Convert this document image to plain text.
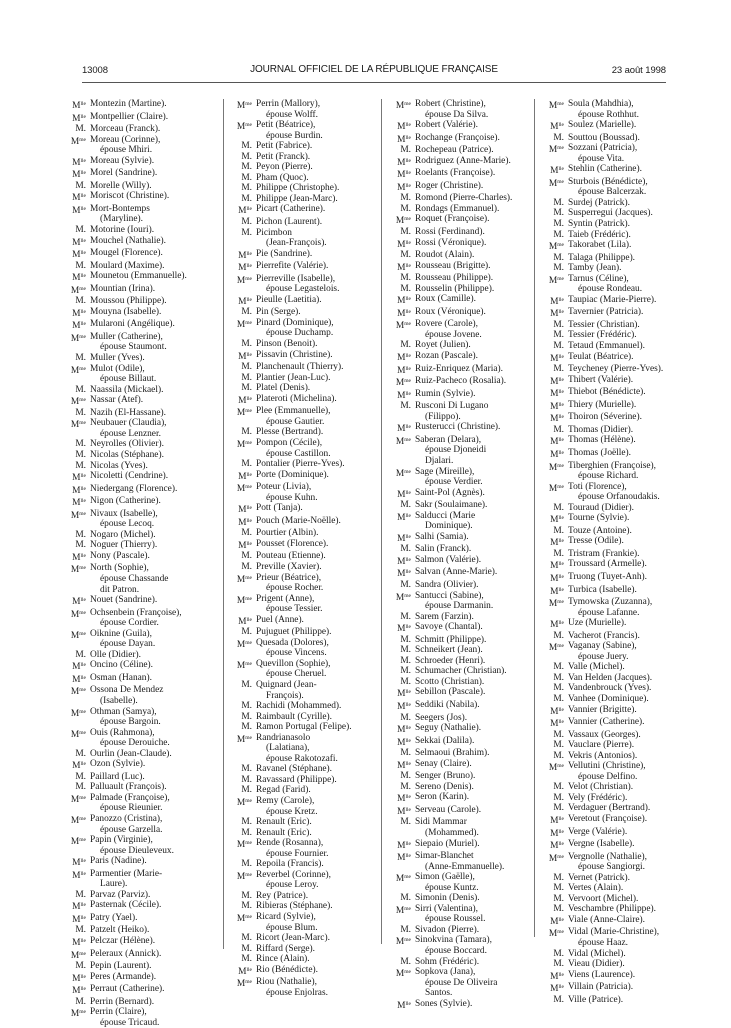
13008	JOURNAL OFFICIEL DE LA RÉPUBLIQUE FRANÇAISE	23 août 1998
$M^{lle}$ Montezin (Martine).
$M^{lle}$ Montpellier (Claire).
M. Morceau (Franck).
$M^{me}$ Moreau (Corinne),
épouse Mhiri.
$M^{lle}$ Moreau (Sylvie).
$M^{lle}$ Morel (Sandrine).
M. Morelle (Willy).
$M^{lle}$ Moriscot (Christine).
$M^{lle}$ Mort-Bontemps
(Maryline).
M. Motorine (Iouri).
$M^{lle}$ Mouchel (Nathalie).
$M^{lle}$ Mougel (Florence).
M. Moulard (Maxime).
$M^{lle}$ Mounetou (Emmanuelle).
$M^{me}$ Mountian (Irina).
M. Moussou (Philippe).
$M^{lle}$ Mouyna (Isabelle).
$M^{lle}$ Mularoni (Angélique).
$M^{me}$ Muller (Catherine),
épouse Staumont.
M. Muller (Yves).
$M^{me}$ Mulot (Odile),
épouse Billaut.
M. Naassila (Mickael).
$M^{me}$ Nassar (Atef).
M. Nazih (El-Hassane).
$M^{me}$ Neubauer (Claudia),
épouse Lenzner.
M. Neyrolles (Olivier).
M. Nicolas (Stéphane).
M. Nicolas (Yves).
$M^{lle}$ Nicoletti (Cendrine).
$M^{lle}$ Niedergang (Florence).
$M^{lle}$ Nigon (Catherine).
$M^{me}$ Nivaux (Isabelle),
épouse Lecoq.
M. Nogaro (Michel).
M. Noguer (Thierry).
$M^{lle}$ Nony (Pascale).
$M^{me}$ North (Sophie),
épouse Chassande
dit Patron.
$M^{lle}$ Nouet (Sandrine).
$M^{me}$ Ochsenbein (Françoise),
épouse Cordier.
$M^{me}$ Oiknine (Guila),
épouse Dayan.
M. Olle (Didier).
$M^{lle}$ Oncino (Céline).
$M^{lle}$ Osman (Hanan).
$M^{me}$ Ossona De Mendez
(Isabelle).
$M^{me}$ Othman (Samya),
épouse Bargoin.
$M^{me}$ Ouis (Rahmona),
épouse Derouiche.
M. Ourlin (Jean-Claude).
$M^{lle}$ Ozon (Sylvie).
M. Paillard (Luc).
M. Palluault (François).
$M^{me}$ Palmade (Françoise),
épouse Rieunier.
$M^{me}$ Panozzo (Cristina),
épouse Garzella.
$M^{me}$ Papin (Virginie),
épouse Dieuleveux.
$M^{lle}$ Paris (Nadine).
$M^{lle}$ Parmentier (Marie-
Laure).
M. Parvaz (Parviz).
$M^{lle}$ Pasternak (Cécile).
$M^{lle}$ Patry (Yael).
M. Patzelt (Heiko).
$M^{lle}$ Pelczar (Hélène).
$M^{me}$ Peleraux (Annick).
M. Pepin (Laurent).
$M^{lle}$ Peres (Armande).
$M^{lle}$ Perraut (Catherine).
M. Perrin (Bernard).
$M^{me}$ Perrin (Claire),
épouse Tricaud.
$M^{me}$ Perrin (Mallory),
épouse Wolff.
$M^{me}$ Petit (Béatrice),
épouse Burdin.
M. Petit (Fabrice).
M. Petit (Franck).
M. Peyon (Pierre).
M. Pham (Quoc).
M. Philippe (Christophe).
M. Philippe (Jean-Marc).
$M^{lle}$ Picart (Catherine).
M. Pichon (Laurent).
M. Picimbon
(Jean-François).
$M^{lle}$ Pie (Sandrine).
$M^{lle}$ Pierrefite (Valérie).
$M^{me}$ Pierreville (Isabelle),
épouse Legastelois.
$M^{lle}$ Pieulle (Laetitia).
M. Pin (Serge).
$M^{me}$ Pinard (Dominique),
épouse Duchamp.
M. Pinson (Benoit).
$M^{lle}$ Pissavin (Christine).
M. Planchenault (Thierry).
M. Plantier (Jean-Luc).
M. Platel (Denis).
$M^{lle}$ Plateroti (Michelina).
$M^{me}$ Plee (Emmanuelle),
épouse Gautier.
M. Plesse (Bertrand).
$M^{me}$ Pompon (Cécile),
épouse Castillon.
M. Pontalier (Pierre-Yves).
$M^{lle}$ Porte (Dominique).
$M^{me}$ Poteur (Livia),
épouse Kuhn.
$M^{lle}$ Pott (Tanja).
$M^{lle}$ Pouch (Marie-Noëlle).
M. Pourtier (Albin).
$M^{lle}$ Pousset (Florence).
M. Pouteau (Etienne).
M. Preville (Xavier).
$M^{me}$ Prieur (Béatrice),
épouse Rocher.
$M^{me}$ Prigent (Anne),
épouse Tessier.
$M^{lle}$ Puel (Anne).
M. Pujuguet (Philippe).
$M^{me}$ Quesada (Dolores),
épouse Vincens.
$M^{me}$ Quevillon (Sophie),
épouse Cheruel.
M. Quignard (Jean-
François).
M. Rachidi (Mohammed).
M. Raimbault (Cyrille).
M. Ramon Portugal (Felipe).
$M^{me}$ Randrianasolo
(Lalatiana),
épouse Rakotozafi.
M. Ravanel (Stéphane).
M. Ravassard (Philippe).
M. Regad (Farid).
$M^{me}$ Remy (Carole),
épouse Kretz.
M. Renault (Eric).
M. Renault (Eric).
$M^{me}$ Rende (Rosanna),
épouse Fournier.
M. Repoila (Francis).
$M^{me}$ Reverbel (Corinne),
épouse Leroy.
M. Rey (Patrice).
M. Ribieras (Stéphane).
$M^{me}$ Ricard (Sylvie),
épouse Blum.
M. Ricort (Jean-Marc).
M. Riffard (Serge).
M. Rince (Alain).
$M^{lle}$ Rio (Bénédicte).
$M^{me}$ Riou (Nathalie),
épouse Enjolras.
$M^{me}$ Robert (Christine),
épouse Da Silva.
$M^{lle}$ Robert (Valérie).
$M^{lle}$ Rochange (Françoise).
M. Rochepeau (Patrice).
$M^{lle}$ Rodriguez (Anne-Marie).
$M^{lle}$ Roelants (Françoise).
$M^{lle}$ Roger (Christine).
M. Romond (Pierre-Charles).
M. Rondags (Emmanuel).
$M^{me}$ Roquet (Françoise).
M. Rossi (Ferdinand).
$M^{lle}$ Rossi (Véronique).
M. Roudot (Alain).
$M^{lle}$ Rousseau (Brigitte).
M. Rousseau (Philippe).
M. Rousselin (Philippe).
$M^{lle}$ Roux (Camille).
$M^{lle}$ Roux (Véronique).
$M^{me}$ Rovere (Carole),
épouse Jovene.
M. Royet (Julien).
$M^{lle}$ Rozan (Pascale).
$M^{lle}$ Ruiz-Enriquez (Maria).
$M^{me}$ Ruiz-Pacheco (Rosalia).
$M^{lle}$ Rumin (Sylvie).
M. Rusconi Di Lugano
(Filippo).
$M^{lle}$ Rusterucci (Christine).
$M^{me}$ Saberan (Delara),
épouse Djoneidi
Djalari.
$M^{me}$ Sage (Mireille),
épouse Verdier.
$M^{lle}$ Saint-Pol (Agnès).
M. Sakr (Soulaimane).
$M^{lle}$ Salducci (Marie
Dominique).
$M^{lle}$ Salhi (Samia).
M. Salin (Franck).
$M^{lle}$ Salmon (Valérie).
$M^{lle}$ Salvan (Anne-Marie).
M. Sandra (Olivier).
$M^{me}$ Santucci (Sabine),
épouse Darmanin.
M. Sarem (Farzin).
$M^{lle}$ Savoye (Chantal).
M. Schmitt (Philippe).
M. Schneikert (Jean).
M. Schroeder (Henri).
M. Schumacher (Christian).
M. Scotto (Christian).
$M^{lle}$ Sebillon (Pascale).
$M^{lle}$ Seddiki (Nabila).
M. Seegers (Jos).
$M^{lle}$ Seguy (Nathalie).
$M^{lle}$ Sekkai (Dalila).
M. Selmaoui (Brahim).
$M^{lle}$ Senay (Claire).
M. Senger (Bruno).
M. Sereno (Denis).
$M^{lle}$ Seron (Karin).
$M^{lle}$ Serveau (Carole).
M. Sidi Mammar
(Mohammed).
$M^{lle}$ Siepaio (Muriel).
$M^{lle}$ Simar-Blanchet
(Anne-Emmanuelle).
$M^{me}$ Simon (Gaëlle),
épouse Kuntz.
M. Simonin (Denis).
$M^{me}$ Sirri (Valentina),
épouse Roussel.
M. Sivadon (Pierre).
$M^{me}$ Sinokvina (Tamara),
épouse Boccard.
M. Sohm (Frédéric).
$M^{me}$ Sopkova (Jana),
épouse De Oliveira
Santos.
$M^{lle}$ Sones (Sylvie).
$M^{me}$ Soula (Mahdhia),
épouse Rothhut.
$M^{lle}$ Soulez (Marielle).
M. Souttou (Boussad).
$M^{me}$ Sozzani (Patricia),
épouse Vita.
$M^{lle}$ Stehlin (Catherine).
$M^{me}$ Sturbois (Bénédicte),
épouse Balcerzak.
M. Surdej (Patrick).
M. Susperregui (Jacques).
M. Syntin (Patrick).
M. Taieb (Frédéric).
$M^{me}$ Takorabet (Lila).
M. Talaga (Philippe).
M. Tamby (Jean).
$M^{me}$ Tarnus (Céline),
épouse Rondeau.
$M^{lle}$ Taupiac (Marie-Pierre).
$M^{lle}$ Tavernier (Patricia).
M. Tessier (Christian).
M. Tessier (Frédéric).
M. Tetaud (Emmanuel).
$M^{lle}$ Teulat (Béatrice).
M. Teycheney (Pierre-Yves).
$M^{lle}$ Thibert (Valérie).
$M^{lle}$ Thiebot (Bénédicte).
$M^{lle}$ Thiery (Murielle).
$M^{lle}$ Thoiron (Séverine).
M. Thomas (Didier).
$M^{lle}$ Thomas (Hélène).
$M^{lle}$ Thomas (Joëlle).
$M^{me}$ Tiberghien (Françoise),
épouse Richard.
$M^{me}$ Toti (Florence),
épouse Orfanoudakis.
M. Touraud (Didier).
$M^{lle}$ Tourne (Sylvie).
M. Touze (Antoine).
$M^{lle}$ Tresse (Odile).
M. Tristram (Frankie).
$M^{lle}$ Troussard (Armelle).
$M^{lle}$ Truong (Tuyet-Anh).
$M^{lle}$ Turbica (Isabelle).
$M^{me}$ Tymowska (Zuzanna),
épouse Lafanne.
$M^{lle}$ Uze (Murielle).
M. Vacherot (Francis).
$M^{me}$ Vaganay (Sabine),
épouse Juery.
M. Valle (Michel).
M. Van Helden (Jacques).
M. Vandenbrouck (Yves).
M. Vanhee (Dominique).
$M^{lle}$ Vannier (Brigitte).
$M^{lle}$ Vannier (Catherine).
M. Vassaux (Georges).
M. Vauclare (Pierre).
M. Vekris (Antonios).
$M^{me}$ Vellutini (Christine),
épouse Delfino.
M. Velot (Christian).
M. Vely (Frédéric).
M. Verdaguer (Bertrand).
$M^{lle}$ Veretout (Françoise).
$M^{lle}$ Verge (Valérie).
$M^{lle}$ Vergne (Isabelle).
$M^{me}$ Vergnolle (Nathalie),
épouse Sangiorgi.
M. Vernet (Patrick).
M. Vertes (Alain).
M. Vervoort (Michel).
M. Veschambre (Philippe).
$M^{lle}$ Viale (Anne-Claire).
$M^{me}$ Vidal (Marie-Christine),
épouse Haaz.
M. Vidal (Michel).
M. Vieau (Didier).
$M^{lle}$ Viens (Laurence).
$M^{lle}$ Villain (Patricia).
M. Ville (Patrice).
